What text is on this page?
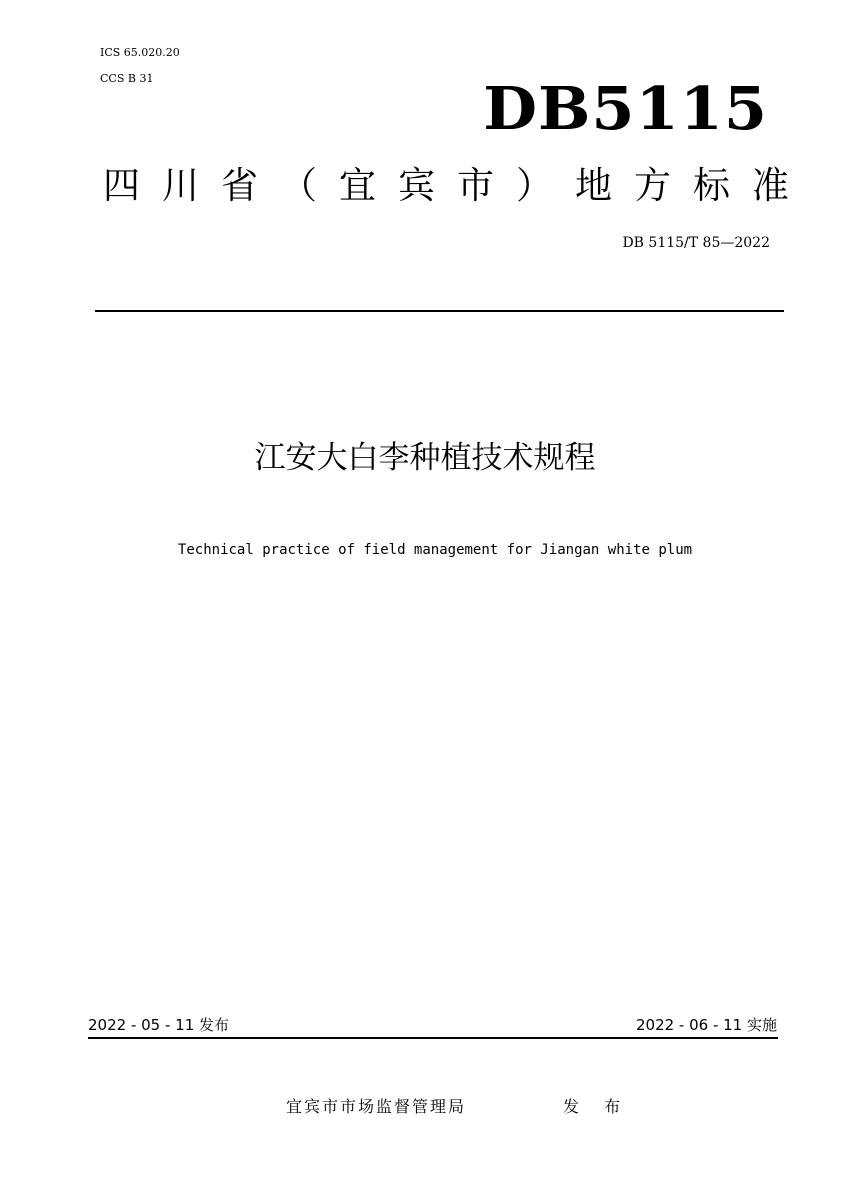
ICS 65.020.20
CCS B 31	DB5115
四川省（宜宾市）地方标准
DB 5115/T 85—2022
江安大白李种植技术规程
Technical practice of field management for Jiangan white plum
2022 - 05 - 11 发布	2022 - 06 - 11 实施
宜宾市市场监督管理局	发 布
